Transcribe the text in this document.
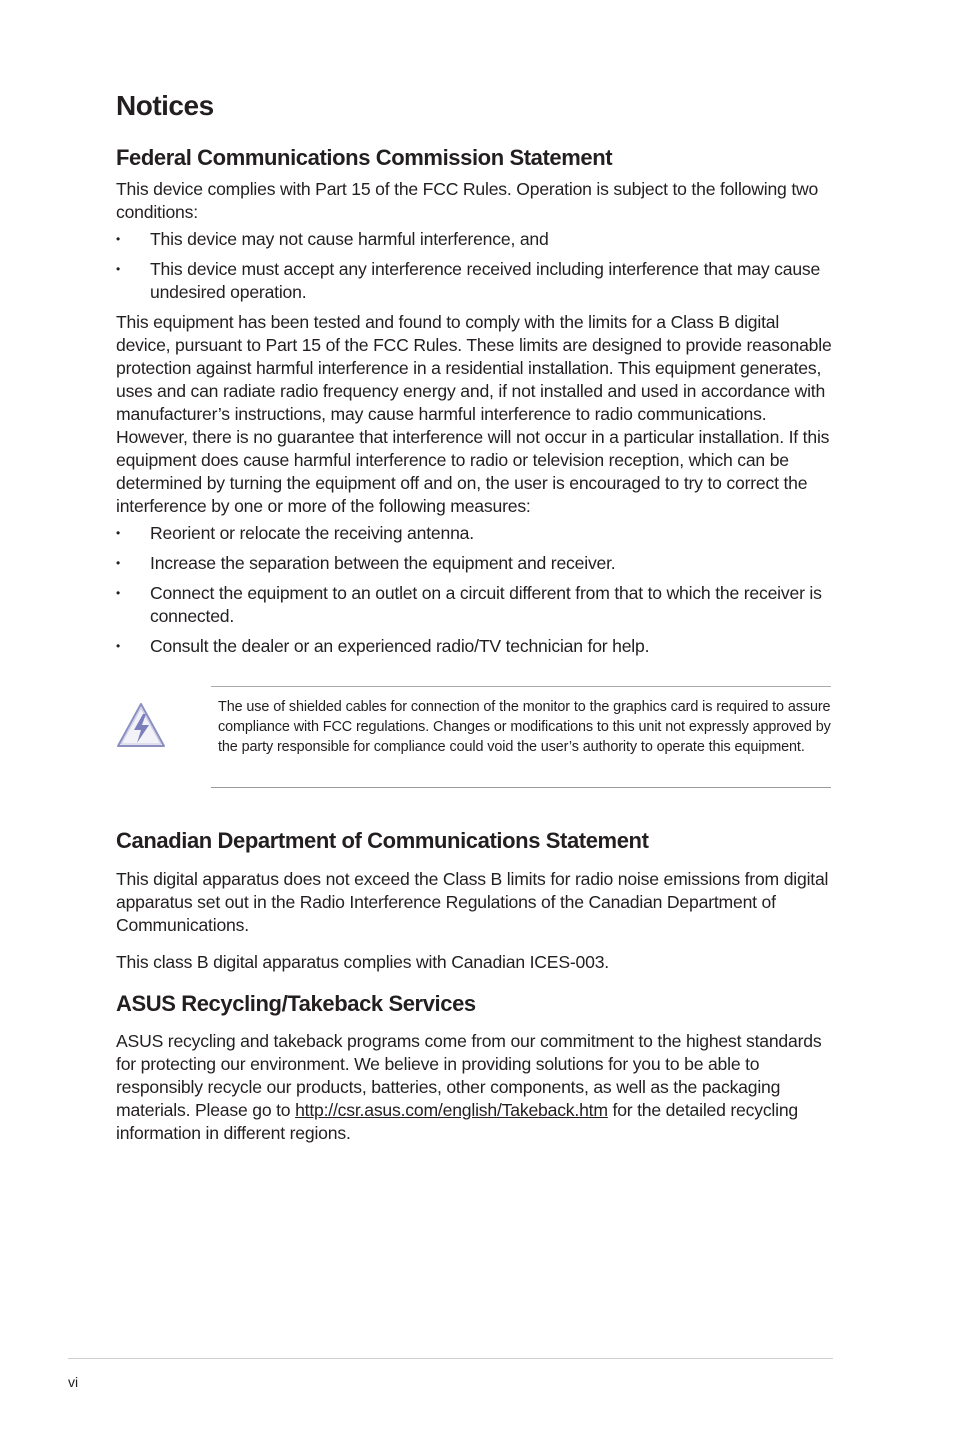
Notices
Federal Communications Commission Statement

This device complies with Part 15 of the FCC Rules. Operation is subject to the following two conditions:

• This device may not cause harmful interference, and
• This device must accept any interference received including interference that may cause undesired operation.

This equipment has been tested and found to comply with the limits for a Class B digital device, pursuant to Part 15 of the FCC Rules. These limits are designed to provide reasonable protection against harmful interference in a residential installation. This equipment generates, uses and can radiate radio frequency energy and, if not installed and used in accordance with manufacturer’s instructions, may cause harmful interference to radio communications. However, there is no guarantee that interference will not occur in a particular installation. If this equipment does cause harmful interference to radio or television reception, which can be determined by turning the equipment off and on, the user is encouraged to try to correct the interference by one or more of the following measures:

• Reorient or relocate the receiving antenna.
• Increase the separation between the equipment and receiver.
• Connect the equipment to an outlet on a circuit different from that to which the receiver is connected.
• Consult the dealer or an experienced radio/TV technician for help.

The use of shielded cables for connection of the monitor to the graphics card is required to assure compliance with FCC regulations. Changes or modifications to this unit not expressly approved by the party responsible for compliance could void the user’s authority to operate this equipment.

Canadian Department of Communications Statement

This digital apparatus does not exceed the Class B limits for radio noise emissions from digital apparatus set out in the Radio Interference Regulations of the Canadian Department of Communications.

This class B digital apparatus complies with Canadian ICES-003.

ASUS Recycling/Takeback Services

ASUS recycling and takeback programs come from our commitment to the highest standards for protecting our environment. We believe in providing solutions for you to be able to responsibly recycle our products, batteries, other components, as well as the packaging materials. Please go to http://csr.asus.com/english/Takeback.htm for the detailed recycling information in different regions.

vi
